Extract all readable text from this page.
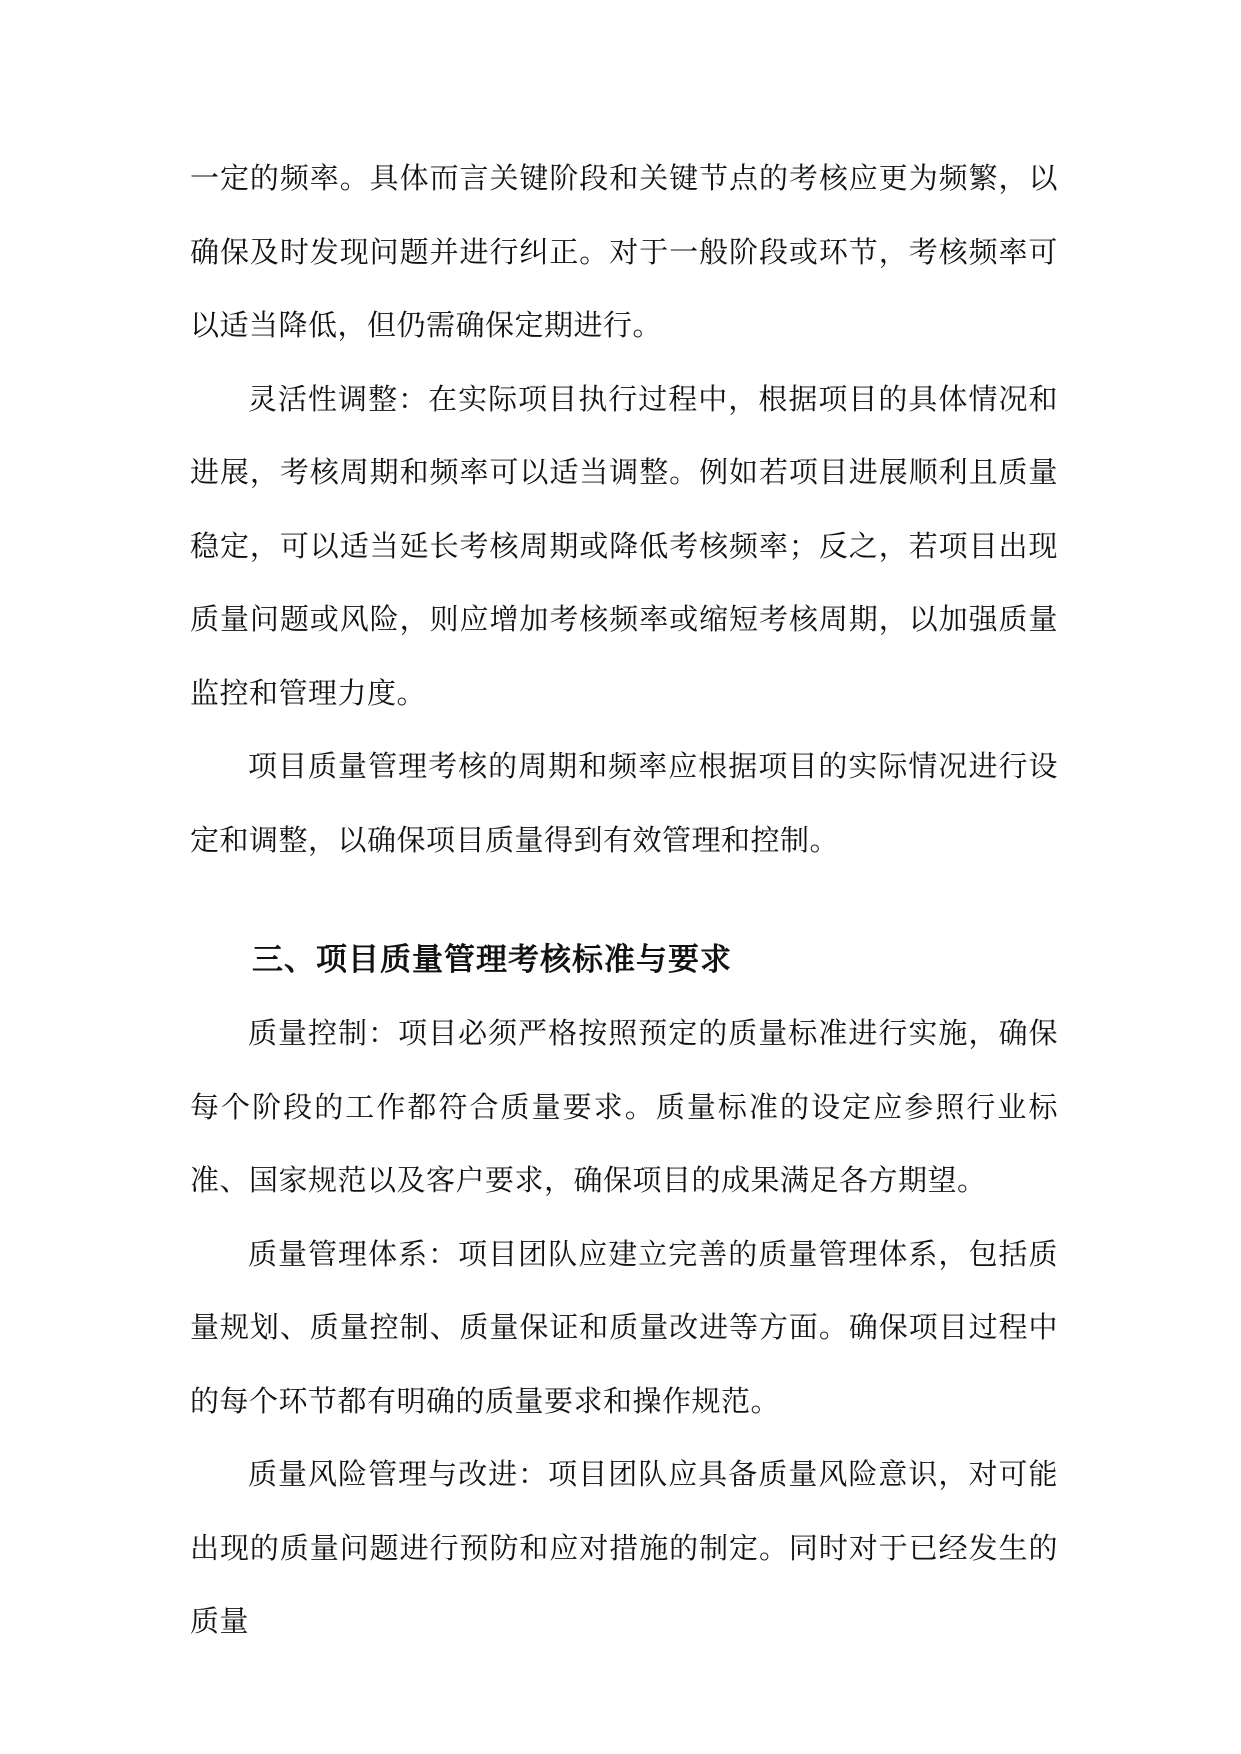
一定的频率。具体而言关键阶段和关键节点的考核应更为频繁，以确保及时发现问题并进行纠正。对于一般阶段或环节，考核频率可以适当降低，但仍需确保定期进行。

灵活性调整：在实际项目执行过程中，根据项目的具体情况和进展，考核周期和频率可以适当调整。例如若项目进展顺利且质量稳定，可以适当延长考核周期或降低考核频率；反之，若项目出现质量问题或风险，则应增加考核频率或缩短考核周期，以加强质量监控和管理力度。

项目质量管理考核的周期和频率应根据项目的实际情况进行设定和调整，以确保项目质量得到有效管理和控制。

三、项目质量管理考核标准与要求

质量控制：项目必须严格按照预定的质量标准进行实施，确保每个阶段的工作都符合质量要求。质量标准的设定应参照行业标准、国家规范以及客户要求，确保项目的成果满足各方期望。

质量管理体系：项目团队应建立完善的质量管理体系，包括质量规划、质量控制、质量保证和质量改进等方面。确保项目过程中的每个环节都有明确的质量要求和操作规范。

质量风险管理与改进：项目团队应具备质量风险意识，对可能出现的质量问题进行预防和应对措施的制定。同时对于已经发生的质量
